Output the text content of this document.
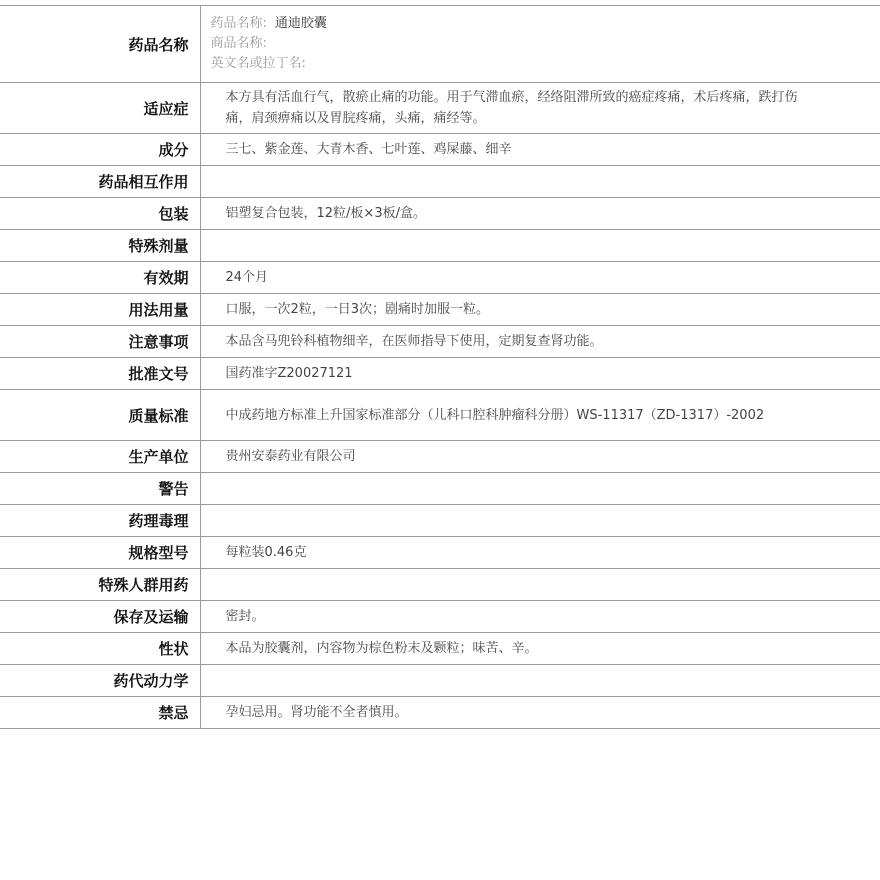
药品名称	药品名称: 通迪胶囊
商品名称:
英文名或拉丁名:

适应症	本方具有活血行气，散瘀止痛的功能。用于气滞血瘀，经络阻滞所致的癌症疼痛，术后疼痛，跌打伤痛，肩颈痹痛以及胃脘疼痛，头痛，痛经等。

成分	三七、紫金莲、大青木香、七叶莲、鸡屎藤、细辛
药品相互作用	
包装	铝塑复合包装，12粒/板×3板/盒。
特殊剂量	
有效期	24个月
用法用量	口服，一次2粒，一日3次；剧痛时加服一粒。
注意事项	本品含马兜铃科植物细辛，在医师指导下使用，定期复查肾功能。
批准文号	国药准字Z20027121
质量标准	中成药地方标准上升国家标准部分（儿科口腔科肿瘤科分册）WS-11317（ZD-1317）-2002

生产单位	贵州安泰药业有限公司
警告	
药理毒理	
规格型号	每粒装0.46克
特殊人群用药	
保存及运输	密封。
性状	本品为胶囊剂，内容物为棕色粉末及颗粒；味苦、辛。
药代动力学	
禁忌	孕妇忌用。肾功能不全者慎用。
